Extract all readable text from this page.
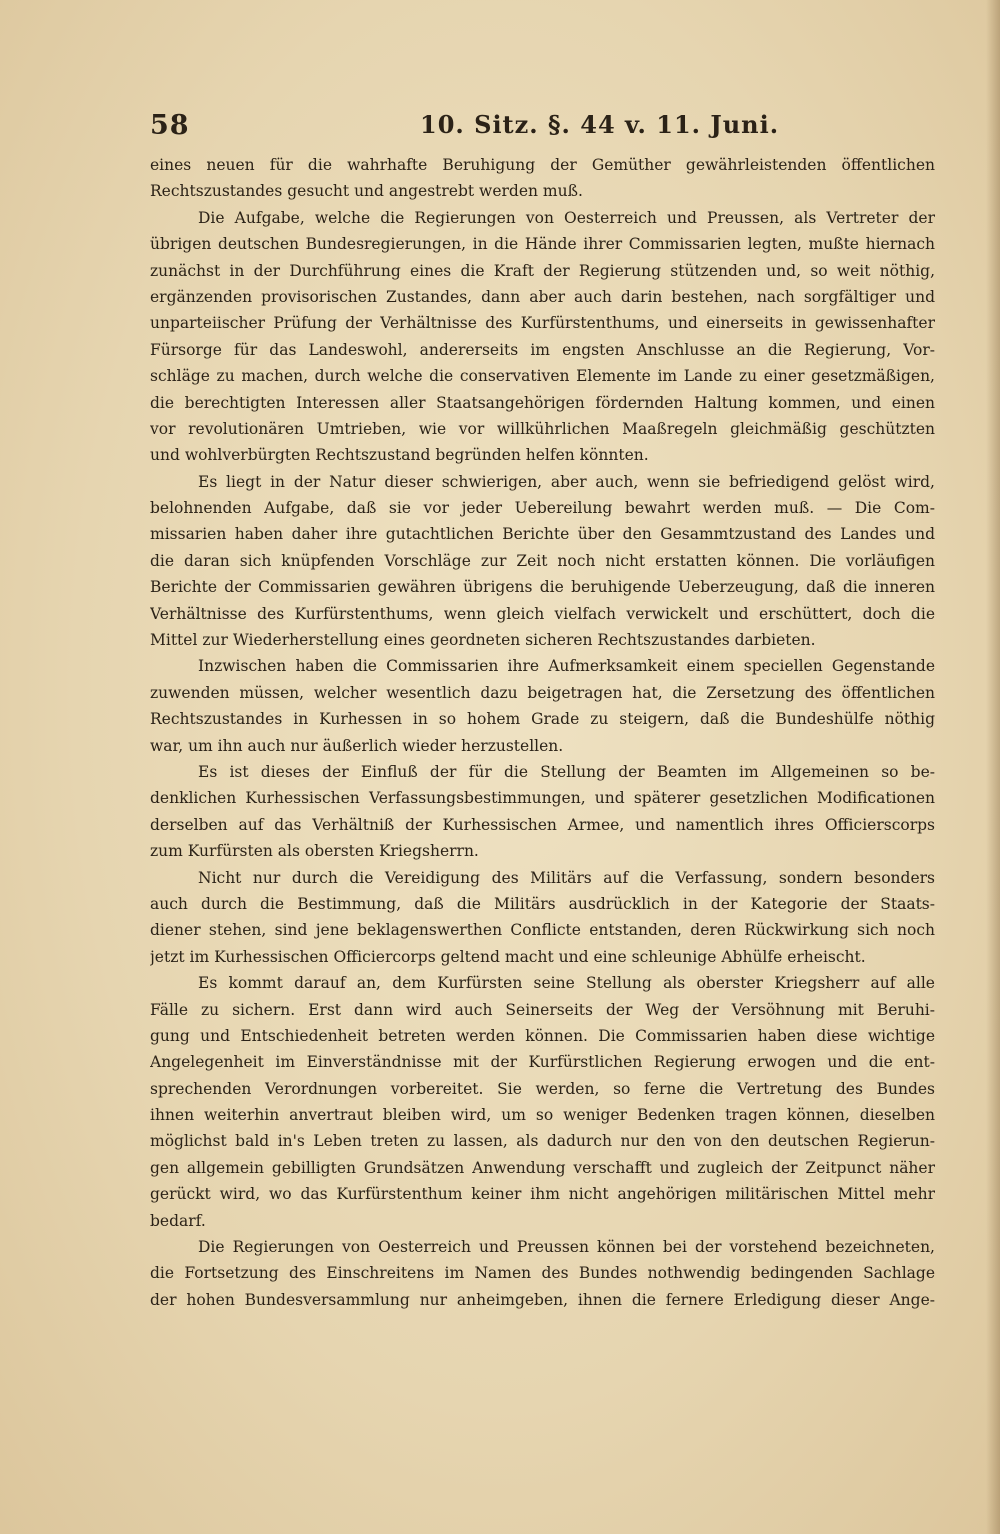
58	10. Sitz. §. 44 v. 11. Juni.
eines neuen für die wahrhafte Beruhigung der Gemüther gewährleistenden öffentlichen
Rechtszustandes gesucht und angestrebt werden muß.
Die Aufgabe, welche die Regierungen von Oesterreich und Preussen, als Vertreter der
übrigen deutschen Bundesregierungen, in die Hände ihrer Commissarien legten, mußte hiernach
zunächst in der Durchführung eines die Kraft der Regierung stützenden und, so weit nöthig,
ergänzenden provisorischen Zustandes, dann aber auch darin bestehen, nach sorgfältiger und
unparteiischer Prüfung der Verhältnisse des Kurfürstenthums, und einerseits in gewissenhafter
Fürsorge für das Landeswohl, andererseits im engsten Anschlusse an die Regierung, Vor-
schläge zu machen, durch welche die conservativen Elemente im Lande zu einer gesetzmäßigen,
die berechtigten Interessen aller Staatsangehörigen fördernden Haltung kommen, und einen
vor revolutionären Umtrieben, wie vor willkührlichen Maaßregeln gleichmäßig geschützten
und wohlverbürgten Rechtszustand begründen helfen könnten.
Es liegt in der Natur dieser schwierigen, aber auch, wenn sie befriedigend gelöst wird,
belohnenden Aufgabe, daß sie vor jeder Uebereilung bewahrt werden muß. — Die Com-
missarien haben daher ihre gutachtlichen Berichte über den Gesammtzustand des Landes und
die daran sich knüpfenden Vorschläge zur Zeit noch nicht erstatten können. Die vorläufigen
Berichte der Commissarien gewähren übrigens die beruhigende Ueberzeugung, daß die inneren
Verhältnisse des Kurfürstenthums, wenn gleich vielfach verwickelt und erschüttert, doch die
Mittel zur Wiederherstellung eines geordneten sicheren Rechtszustandes darbieten.
Inzwischen haben die Commissarien ihre Aufmerksamkeit einem speciellen Gegenstande
zuwenden müssen, welcher wesentlich dazu beigetragen hat, die Zersetzung des öffentlichen
Rechtszustandes in Kurhessen in so hohem Grade zu steigern, daß die Bundeshülfe nöthig
war, um ihn auch nur äußerlich wieder herzustellen.
Es ist dieses der Einfluß der für die Stellung der Beamten im Allgemeinen so be-
denklichen Kurhessischen Verfassungsbestimmungen, und späterer gesetzlichen Modificationen
derselben auf das Verhältniß der Kurhessischen Armee, und namentlich ihres Officierscorps
zum Kurfürsten als obersten Kriegsherrn.
Nicht nur durch die Vereidigung des Militärs auf die Verfassung, sondern besonders
auch durch die Bestimmung, daß die Militärs ausdrücklich in der Kategorie der Staats-
diener stehen, sind jene beklagenswerthen Conflicte entstanden, deren Rückwirkung sich noch
jetzt im Kurhessischen Officiercorps geltend macht und eine schleunige Abhülfe erheischt.
Es kommt darauf an, dem Kurfürsten seine Stellung als oberster Kriegsherr auf alle
Fälle zu sichern. Erst dann wird auch Seinerseits der Weg der Versöhnung mit Beruhi-
gung und Entschiedenheit betreten werden können. Die Commissarien haben diese wichtige
Angelegenheit im Einverständnisse mit der Kurfürstlichen Regierung erwogen und die ent-
sprechenden Verordnungen vorbereitet. Sie werden, so ferne die Vertretung des Bundes
ihnen weiterhin anvertraut bleiben wird, um so weniger Bedenken tragen können, dieselben
möglichst bald in's Leben treten zu lassen, als dadurch nur den von den deutschen Regierun-
gen allgemein gebilligten Grundsätzen Anwendung verschafft und zugleich der Zeitpunct näher
gerückt wird, wo das Kurfürstenthum keiner ihm nicht angehörigen militärischen Mittel mehr
bedarf.
Die Regierungen von Oesterreich und Preussen können bei der vorstehend bezeichneten,
die Fortsetzung des Einschreitens im Namen des Bundes nothwendig bedingenden Sachlage
der hohen Bundesversammlung nur anheimgeben, ihnen die fernere Erledigung dieser Ange-
